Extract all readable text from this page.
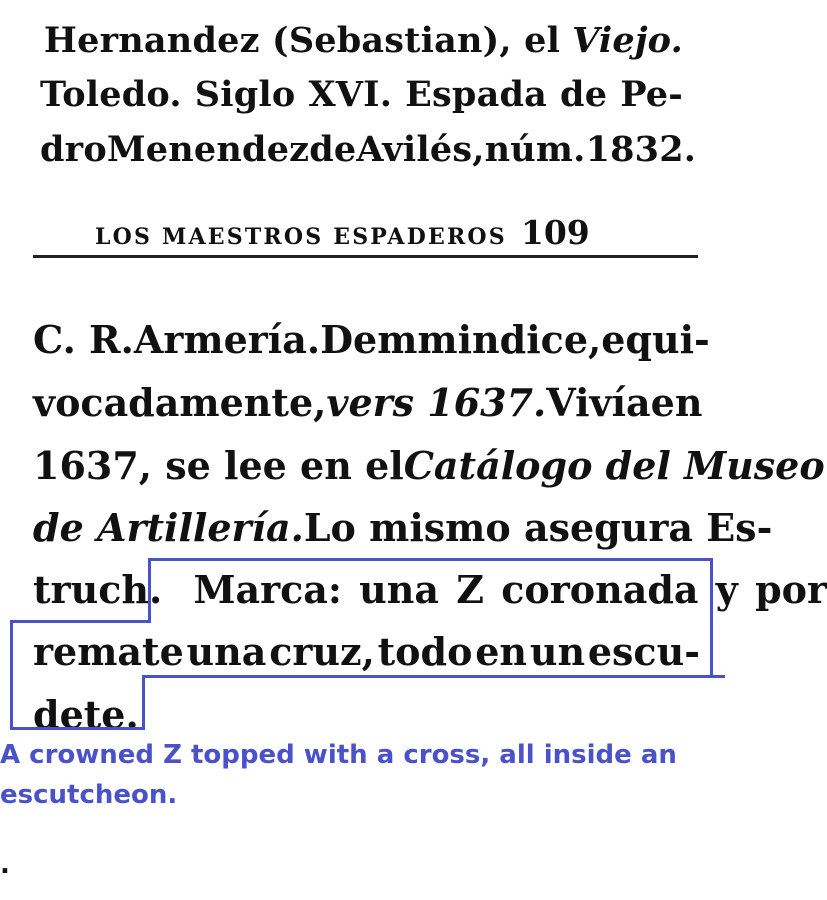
Hernandez (Sebastian), el Viejo.
Toledo. Siglo XVI. Espada de Pe-
dro Menendez de Avilés, núm. 1832.
LOS MAESTROS ESPADEROS 109
C. R. Armería. Demmin dice, equi-
vocadamente, vers 1637. Vivía en
1637, se lee en el Catálogo del Museo
de Artillería. Lo mismo asegura Es-
truch. Marca: una Z coronada y por
remate una cruz, todo en un escu-
dete.
A crowned Z topped with a cross, all inside an escutcheon.
.
